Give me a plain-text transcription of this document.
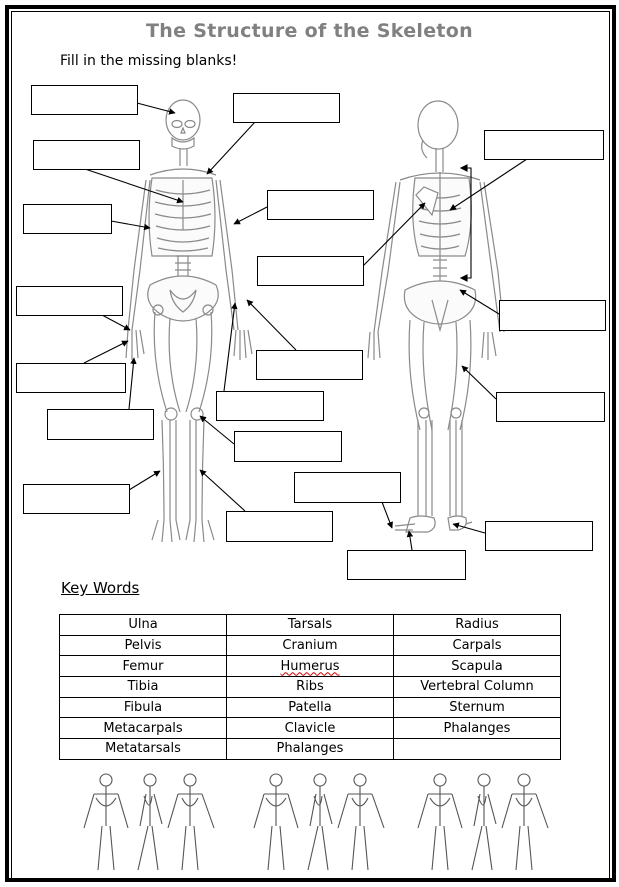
The Structure of the Skeleton
Fill in the missing blanks!
Key Words
Ulna	Tarsals	Radius
Pelvis	Cranium	Carpals
Femur	Humerus	Scapula
Tibia	Ribs	Vertebral Column
Fibula	Patella	Sternum
Metacarpals	Clavicle	Phalanges
Metatarsals	Phalanges	
